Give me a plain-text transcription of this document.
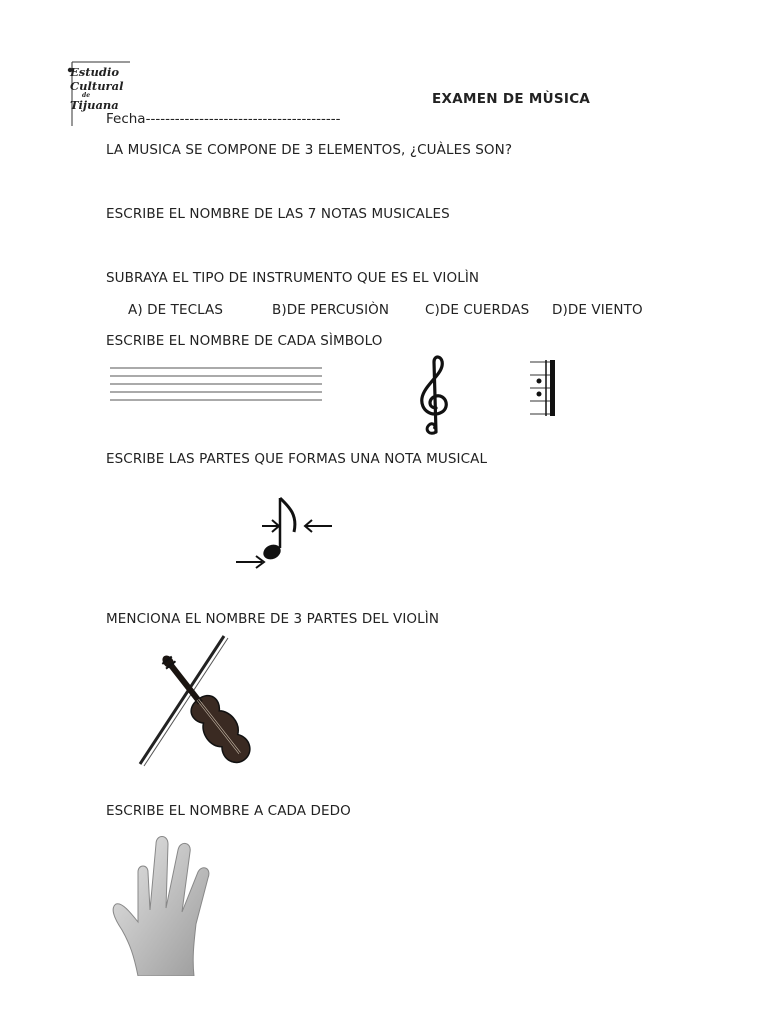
Estudio
Cultural
de
Tijuana	EXAMEN DE MÙSICA
Fecha----------------------------------------
LA MUSICA SE COMPONE DE 3 ELEMENTOS, ¿CUÀLES SON?
ESCRIBE EL NOMBRE DE LAS 7 NOTAS MUSICALES
SUBRAYA EL TIPO DE INSTRUMENTO QUE ES EL VIOLÌN
A) DE TECLAS	B)DE PERCUSIÒN	C)DE CUERDAS D)DE VIENTO
ESCRIBE EL NOMBRE DE CADA SÌMBOLO
ESCRIBE LAS PARTES QUE FORMAS UNA NOTA MUSICAL
MENCIONA EL NOMBRE DE 3 PARTES DEL VIOLÌN
ESCRIBE EL NOMBRE A CADA DEDO
